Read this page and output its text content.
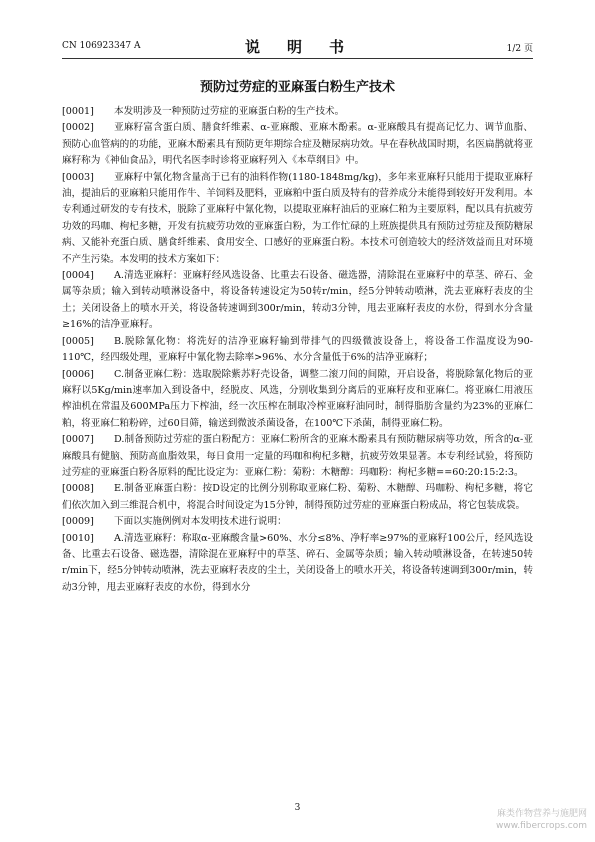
CN 106923347 A	说　明　书	1/2 页
预防过劳症的亚麻蛋白粉生产技术

[0001] 本发明涉及一种预防过劳症的亚麻蛋白粉的生产技术。

[0002] 亚麻籽富含蛋白质、膳食纤维素、α-亚麻酸、亚麻木酚素。α-亚麻酸具有提高记忆力、调节血脂、预防心血管病的的功能，亚麻木酚素具有预防更年期综合症及糖尿病功效。早在春秋战国时期，名医扁鹊就将亚麻籽称为《神仙食品》，明代名医李时诊将亚麻籽列入《本草纲目》中。

[0003] 亚麻籽中氰化物含量高于已有的油料作物(1180-1848mg/kg)，多年来亚麻籽只能用于提取亚麻籽油，提油后的亚麻粕只能用作牛、羊饲料及肥料，亚麻粕中蛋白质及特有的营养成分未能得到较好开发利用。本专利通过研发的专有技术，脱除了亚麻籽中氰化物，以提取亚麻籽油后的亚麻仁粕为主要原料，配以具有抗疲劳功效的玛咖、枸杞多糖，开发有抗疲劳功效的亚麻蛋白粉，为工作忙碌的上班族提供具有预防过劳症及预防糖尿病、又能补充蛋白质、膳食纤维素、食用安全、口感好的亚麻蛋白粉。本技术可创造较大的经济效益而且对环境不产生污染。本发明的技术方案如下：

[0004] A.清选亚麻籽：亚麻籽经风选设备、比重去石设备、磁选器，清除混在亚麻籽中的草茎、碎石、金属等杂质；输入到转动喷淋设备中，将设备转速设定为50转r/min，经5分钟转动喷淋，洗去亚麻籽表皮的尘土；关闭设备上的喷水开关，将设备转速调到300r/min，转动3分钟，甩去亚麻籽表皮的水份，得到水分含量≥16%的洁净亚麻籽。

[0005] B.脱除氰化物：将洗好的洁净亚麻籽输到带排气的四级微波设备上，将设备工作温度设为90-110℃，经四级处理，亚麻籽中氰化物去除率>96%、水分含量低于6%的洁净亚麻籽；

[0006] C.制备亚麻仁粉：选取脱除紫苏籽壳设备，调整二滚刀间的间隙，开启设备，将脱除氰化物后的亚麻籽以5Kg/min速率加入到设备中，经脱皮、风选，分别收集到分离后的亚麻籽皮和亚麻仁。将亚麻仁用液压榨油机在常温及600MPa压力下榨油，经一次压榨在制取冷榨亚麻籽油同时，制得脂肪含量约为23%的亚麻仁粕，将亚麻仁粕粉碎，过60目筛，输送到微波杀菌设备，在100℃下杀菌，制得亚麻仁粉。

[0007] D.制备预防过劳症的蛋白粉配方：亚麻仁粉所含的亚麻木酚素具有预防糖尿病等功效，所含的α-亚麻酸具有健脑、预防高血脂效果，每日食用一定量的玛咖和枸杞多糖，抗疲劳效果显著。本专利经试验，将预防过劳症的亚麻蛋白粉各原料的配比设定为：亚麻仁粉：菊粉：木糖醇：玛咖粉：枸杞多糖==60:20:15:2:3。

[0008] E.制备亚麻蛋白粉：按D设定的比例分别称取亚麻仁粉、菊粉、木糖醇、玛咖粉、枸杞多糖，将它们依次加入到三维混合机中，将混合时间设定为15分钟，制得预防过劳症的亚麻蛋白粉成品，将它包装成袋。

[0009] 下面以实施例例对本发明技术进行说明：

[0010] A.清选亚麻籽：称取α-亚麻酸含量>60%、水分≤8%、净籽率≥97%的亚麻籽100公斤，经风选设备、比重去石设备、磁选器，清除混在亚麻籽中的草茎、碎石、金属等杂质；输入转动喷淋设备，在转速50转r/min下，经5分钟转动喷淋，洗去亚麻籽表皮的尘土，关闭设备上的喷水开关，将设备转速调到300r/min，转动3分钟，甩去亚麻籽表皮的水份，得到水分

3
麻类作物营养与施肥网
www.fibercrops.com
